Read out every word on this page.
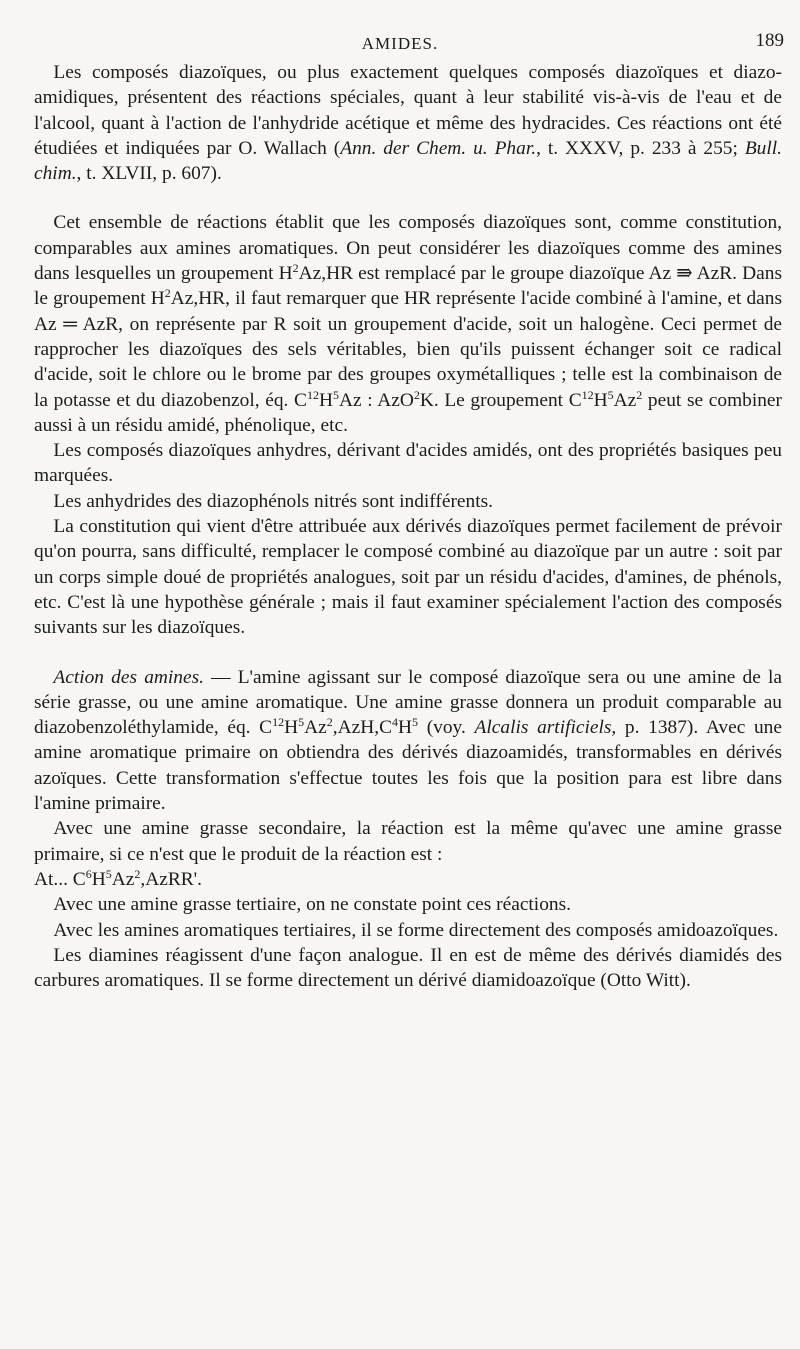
AMIDES.	189

 Les composés diazoïques, ou plus exactement quelques composés diazoïques et diazo-amidiques, présentent des réactions spéciales, quant à leur stabilité vis-à-vis de l'eau et de l'alcool, quant à l'action de l'anhydride acétique et même des hydracides. Ces réactions ont été étudiées et indiquées par O. Wallach (Ann. der Chem. u. Phar., t. XXXV, p. 233 à 255; Bull. chim., t. XLVII, p. 607).

 Cet ensemble de réactions établit que les composés diazoïques sont, comme constitution, comparables aux amines aromatiques. On peut considérer les diazoïques comme des amines dans lesquelles un groupement $H^2Az,HR$ est remplacé par le groupe diazoïque Az ⇛ AzR. Dans le groupement $H^2Az,HR$, il faut remarquer que HR représente l'acide combiné à l'amine, et dans Az ═ AzR, on représente par R soit un groupement d'acide, soit un halogène. Ceci permet de rapprocher les diazoïques des sels véritables, bien qu'ils puissent échanger soit ce radical d'acide, soit le chlore ou le brome par des groupes oxymétalliques ; telle est la combinaison de la potasse et du diazobenzol, éq. $C^{12}H^5Az$ : AzO$^2$K. Le groupement $C^{12}H^5Az^2$ peut se combiner aussi à un résidu amidé, phénolique, etc.

 Les composés diazoïques anhydres, dérivant d'acides amidés, ont des propriétés basiques peu marquées.

 Les anhydrides des diazophénols nitrés sont indifférents.

 La constitution qui vient d'être attribuée aux dérivés diazoïques permet facilement de prévoir qu'on pourra, sans difficulté, remplacer le composé combiné au diazoïque par un autre : soit par un corps simple doué de propriétés analogues, soit par un résidu d'acides, d'amines, de phénols, etc. C'est là une hypothèse générale ; mais il faut examiner spécialement l'action des composés suivants sur les diazoïques.

 Action des amines. — L'amine agissant sur le composé diazoïque sera ou une amine de la série grasse, ou une amine aromatique. Une amine grasse donnera un produit comparable au diazobenzoléthylamide, éq. $C^{12}H^5Az^2,AzH,C^4H^5$ (voy. Alcalis artificiels, p. 1387). Avec une amine aromatique primaire on obtiendra des dérivés diazoamidés, transformables en dérivés azoïques. Cette transformation s'effectue toutes les fois que la position para est libre dans l'amine primaire.

 Avec une amine grasse secondaire, la réaction est la même qu'avec une amine grasse primaire, si ce n'est que le produit de la réaction est :

At... $C^6H^5Az^2,AzRR'$.

 Avec une amine grasse tertiaire, on ne constate point ces réactions.

 Avec les amines aromatiques tertiaires, il se forme directement des composés amidoazoïques.

 Les diamines réagissent d'une façon analogue. Il en est de même des dérivés diamidés des carbures aromatiques. Il se forme directement un dérivé diamidoazoïque (Otto Witt).
